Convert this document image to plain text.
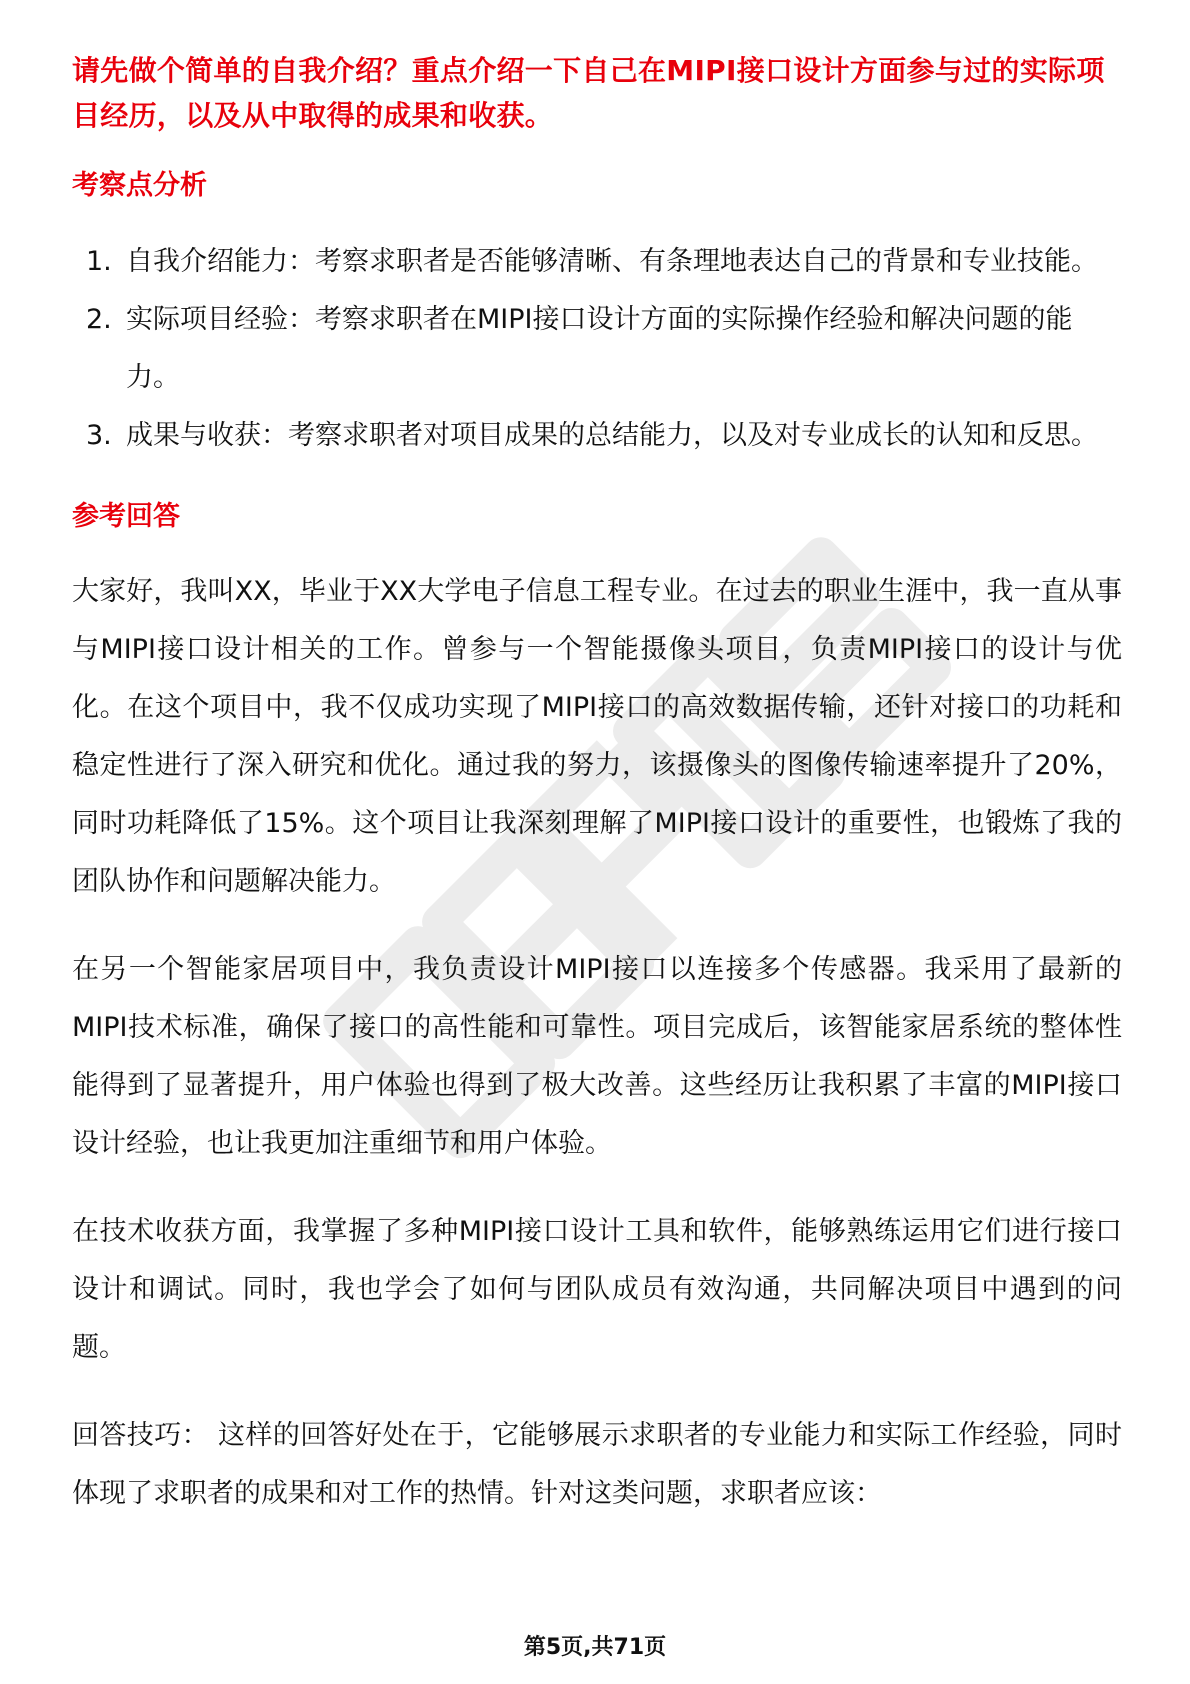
请先做个简单的自我介绍？重点介绍一下自己在MIPI接口设计方面参与过的实际项目经历，以及从中取得的成果和收获。

考察点分析
1. 自我介绍能力：考察求职者是否能够清晰、有条理地表达自己的背景和专业技能。
2. 实际项目经验：考察求职者在MIPI接口设计方面的实际操作经验和解决问题的能力。
3. 成果与收获：考察求职者对项目成果的总结能力，以及对专业成长的认知和反思。
参考回答

大家好，我叫XX，毕业于XX大学电子信息工程专业。在过去的职业生涯中，我一直从事与MIPI接口设计相关的工作。曾参与一个智能摄像头项目，负责MIPI接口的设计与优化。在这个项目中，我不仅成功实现了MIPI接口的高效数据传输，还针对接口的功耗和稳定性进行了深入研究和优化。通过我的努力，该摄像头的图像传输速率提升了20%，同时功耗降低了15%。这个项目让我深刻理解了MIPI接口设计的重要性，也锻炼了我的团队协作和问题解决能力。

在另一个智能家居项目中，我负责设计MIPI接口以连接多个传感器。我采用了最新的MIPI技术标准，确保了接口的高性能和可靠性。项目完成后，该智能家居系统的整体性能得到了显著提升，用户体验也得到了极大改善。这些经历让我积累了丰富的MIPI接口设计经验，也让我更加注重细节和用户体验。

在技术收获方面，我掌握了多种MIPI接口设计工具和软件，能够熟练运用它们进行接口设计和调试。同时，我也学会了如何与团队成员有效沟通，共同解决项目中遇到的问题。

回答技巧： 这样的回答好处在于，它能够展示求职者的专业能力和实际工作经验，同时体现了求职者的成果和对工作的热情。针对这类问题，求职者应该：

第5页,共71页
